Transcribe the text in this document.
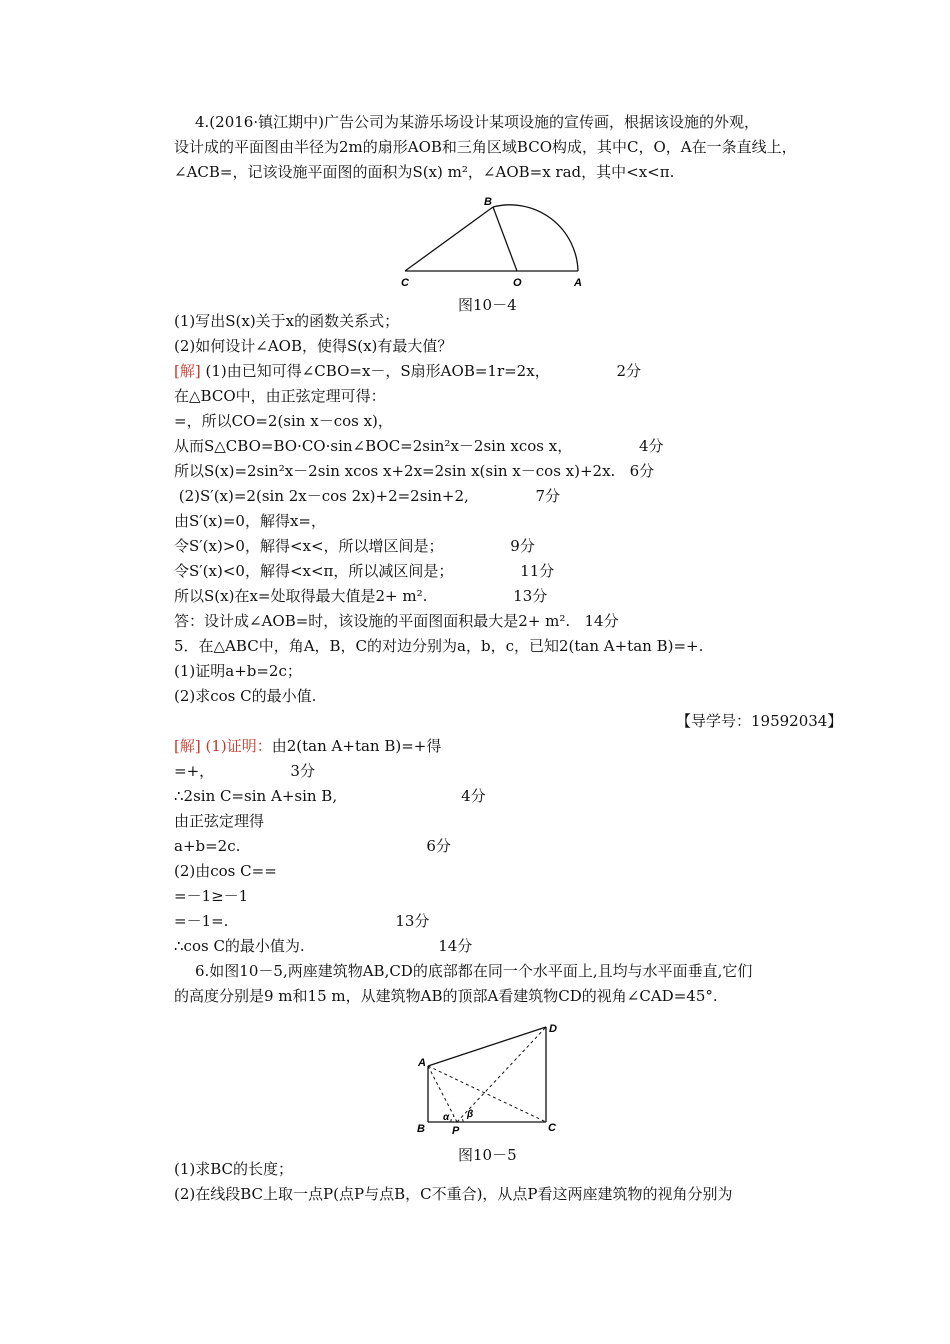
4.(2016·镇江期中)广告公司为某游乐场设计某项设施的宣传画，根据该设施的外观，
设计成的平面图由半径为2m的扇形AOB和三角区域BCO构成，其中C，O，A在一条直线上，
∠ACB=，记该设施平面图的面积为S(x) m²，∠AOB=x rad，其中<x<π.
(1)写出S(x)关于x的函数关系式；
(2)如何设计∠AOB，使得S(x)有最大值？
[解] (1)由已知可得∠CBO=x－，S扇形AOB=1r=2x，              2分
在△BCO中，由正弦定理可得：
=，所以CO=2(sin x－cos x)，
从而S△CBO=BO·CO·sin∠BOC=2sin²x－2sin xcos x，              4分
所以S(x)=2sin²x－2sin xcos x+2x=2sin x(sin x－cos x)+2x.   6分
(2)S′(x)=2(sin 2x－cos 2x)+2=2sin+2,              7分
由S′(x)=0，解得x=，
令S′(x)>0，解得<x<，所以增区间是；              9分
令S′(x)<0，解得<x<π，所以减区间是；              11分
所以S(x)在x=处取得最大值是2+ m².                  13分
答：设计成∠AOB=时，该设施的平面图面积最大是2+ m².   14分
5．在△ABC中，角A，B，C的对边分别为a，b，c，已知2(tan A+tan B)=+.
(1)证明a+b=2c；
(2)求cos C的最小值.
【导学号：19592034】
[解] (1)证明：由2(tan A+tan B)=+得
=+，                3分
∴2sin C=sin A+sin B,                          4分
由正弦定理得
a+b=2c.                                       6分
(2)由cos C==
=－1≥－1
=－1=.                                   13分
∴cos C的最小值为.                            14分
6.如图10－5,两座建筑物AB,CD的底部都在同一个水平面上,且均与水平面垂直,它们
的高度分别是9 m和15 m，从建筑物AB的顶部A看建筑物CD的视角∠CAD=45°.
(1)求BC的长度；
(2)在线段BC上取一点P(点P与点B，C不重合)，从点P看这两座建筑物的视角分别为
B
C	O	A
A
B	C
D
P
α β
图10－4
图10－5
